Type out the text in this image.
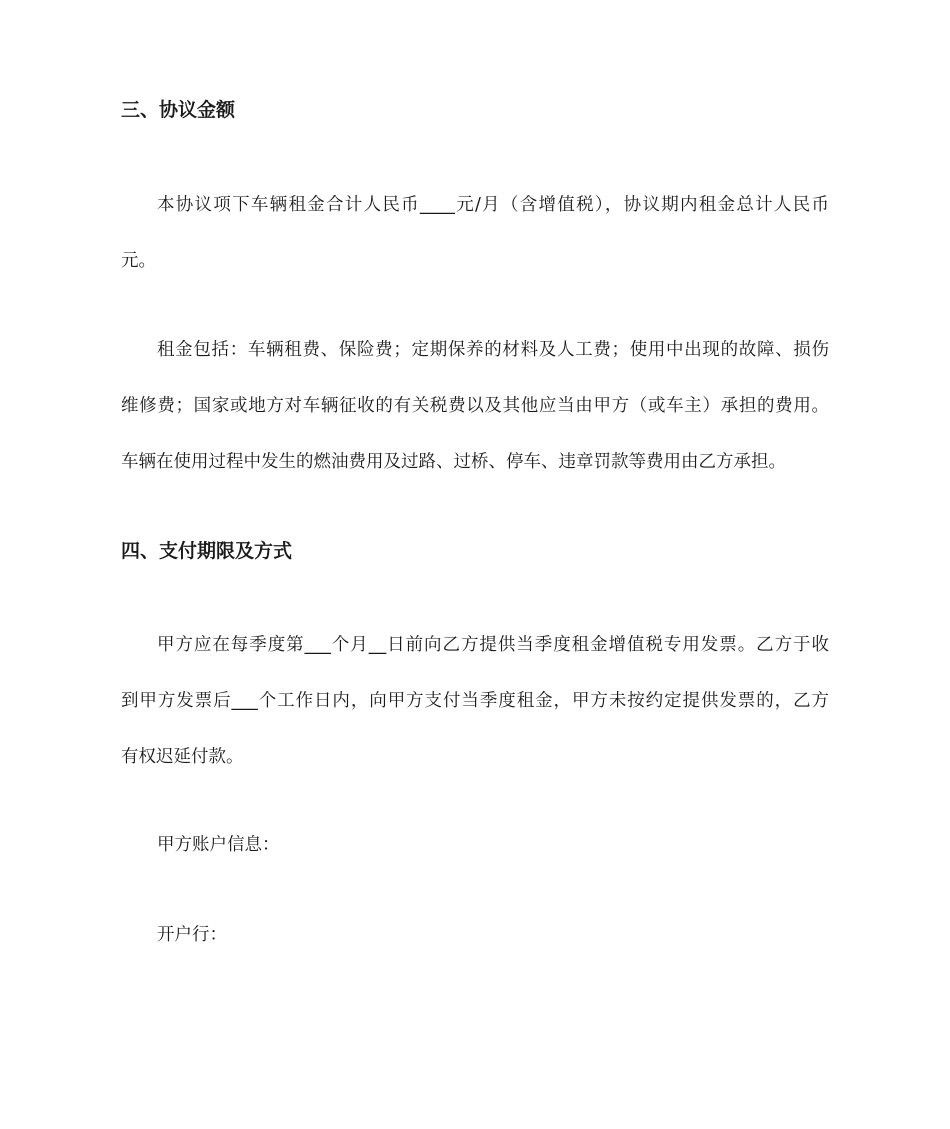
三、协议金额

本协议项下车辆租金合计人民币____元/月（含增值税），协议期内租金总计人民币

元。

租金包括：车辆租费、保险费；定期保养的材料及人工费；使用中出现的故障、损伤

维修费；国家或地方对车辆征收的有关税费以及其他应当由甲方（或车主）承担的费用。

车辆在使用过程中发生的燃油费用及过路、过桥、停车、违章罚款等费用由乙方承担。

四、支付期限及方式

甲方应在每季度第___个月__日前向乙方提供当季度租金增值税专用发票。乙方于收

到甲方发票后___个工作日内，向甲方支付当季度租金，甲方未按约定提供发票的，乙方

有权迟延付款。

甲方账户信息：

开户行：
